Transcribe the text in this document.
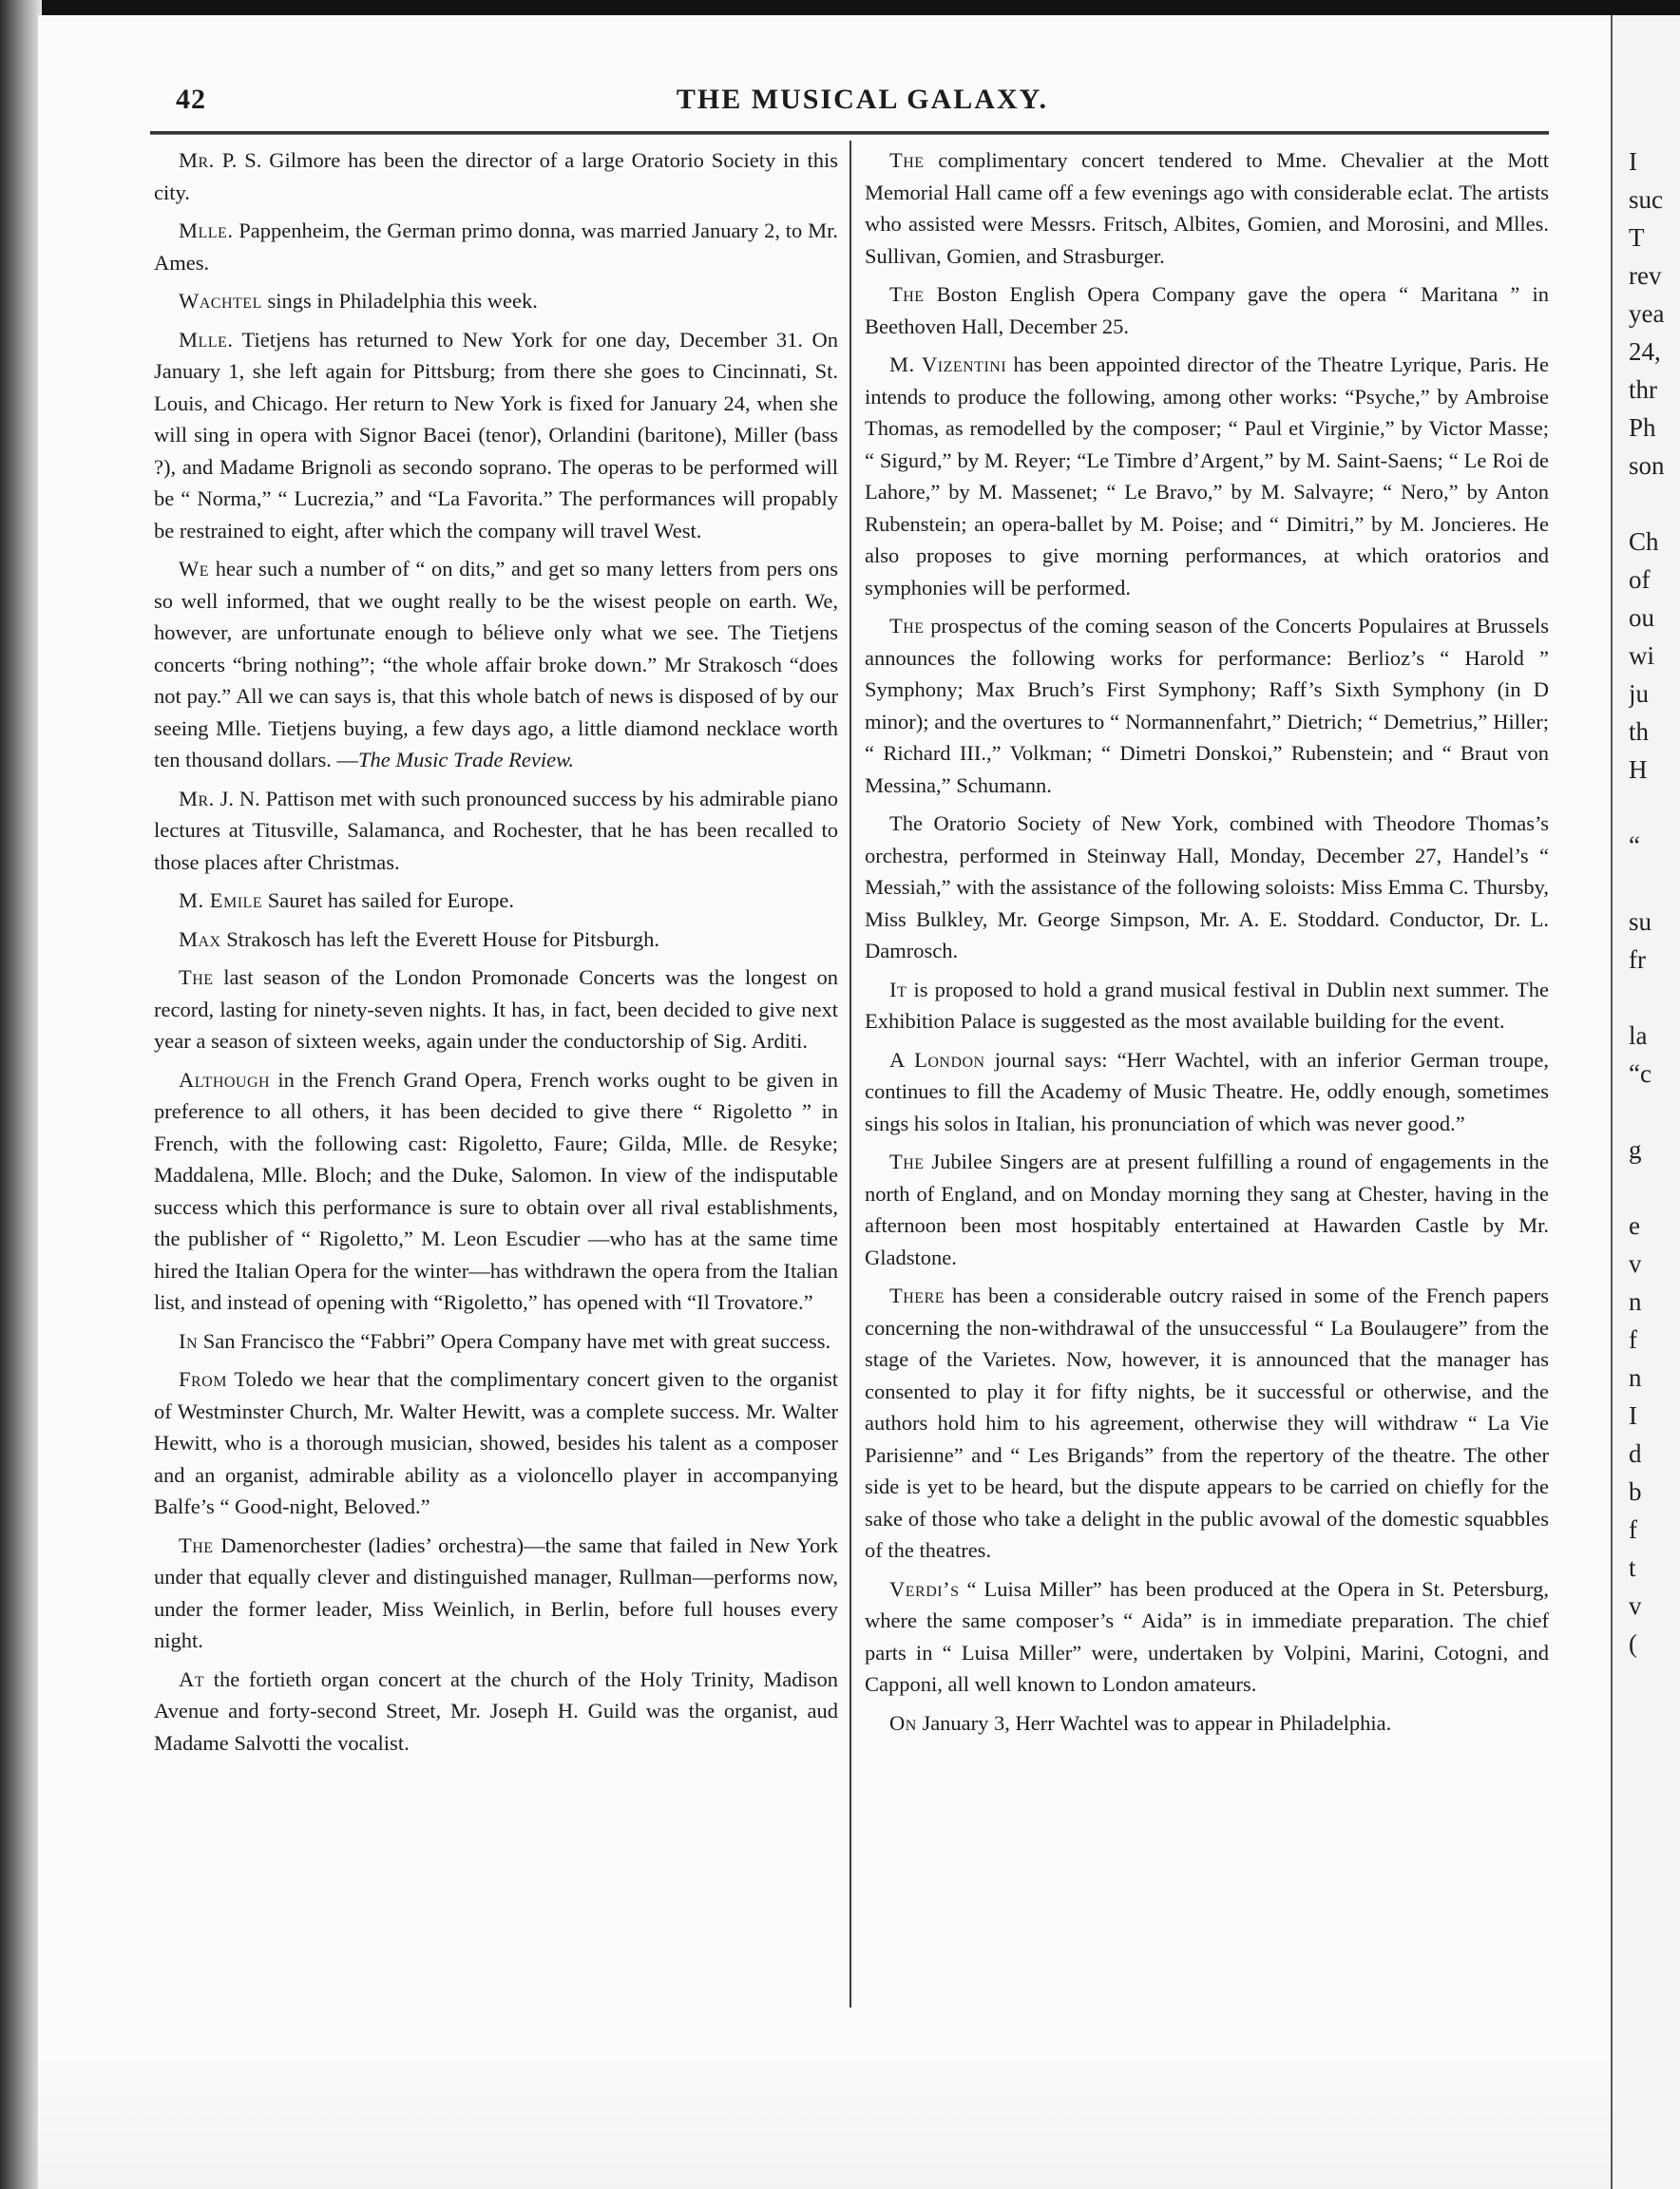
42	THE MUSICAL GALAXY.

Mr. P. S. Gilmore has been the director of a large Oratorio Society in this city.

Mlle. Pappenheim, the German primo donna, was married January 2, to Mr. Ames.

Wachtel sings in Philadelphia this week.

Mlle. Tietjens has returned to New York for one day, December 31. On January 1, she left again for Pittsburg; from there she goes to Cincinnati, St. Louis, and Chicago. Her return to New York is fixed for January 24, when she will sing in opera with Signor Bacei (tenor), Orlandini (baritone), Miller (bass ?), and Madame Brignoli as secondo soprano. The operas to be performed will be “ Norma,” “ Lucrezia,” and “La Favorita.” The performances will propably be restrained to eight, after which the company will travel West.

We hear such a number of “ on dits,” and get so many letters from pers ons so well informed, that we ought really to be the wisest people on earth. We, however, are unfortunate enough to bélieve only what we see. The Tietjens concerts “bring nothing”; “the whole affair broke down.” Mr Strakosch “does not pay.” All we can says is, that this whole batch of news is disposed of by our seeing Mlle. Tietjens buying, a few days ago, a little diamond necklace worth ten thousand dollars. —The Music Trade Review.

Mr. J. N. Pattison met with such pronounced success by his admirable piano lectures at Titusville, Salamanca, and Rochester, that he has been recalled to those places after Christmas.

M. Emile Sauret has sailed for Europe.

Max Strakosch has left the Everett House for Pitsburgh.

The last season of the London Promonade Concerts was the longest on record, lasting for ninety-seven nights. It has, in fact, been decided to give next year a season of sixteen weeks, again under the conductorship of Sig. Arditi.

Although in the French Grand Opera, French works ought to be given in preference to all others, it has been decided to give there “ Rigoletto ” in French, with the following cast: Rigoletto, Faure; Gilda, Mlle. de Resyke; Maddalena, Mlle. Bloch; and the Duke, Salomon. In view of the indisputable success which this performance is sure to obtain over all rival establishments, the publisher of “ Rigoletto,” M. Leon Escudier —who has at the same time hired the Italian Opera for the winter—has withdrawn the opera from the Italian list, and instead of opening with “Rigoletto,” has opened with “Il Trovatore.”

In San Francisco the “Fabbri” Opera Company have met with great success.

From Toledo we hear that the complimentary concert given to the organist of Westminster Church, Mr. Walter Hewitt, was a complete success. Mr. Walter Hewitt, who is a thorough musician, showed, besides his talent as a composer and an organist, admirable ability as a violoncello player in accompanying Balfe’s “ Good-night, Beloved.”

The Damenorchester (ladies’ orchestra)—the same that failed in New York under that equally clever and distinguished manager, Rullman—performs now, under the former leader, Miss Weinlich, in Berlin, before full houses every night.

At the fortieth organ concert at the church of the Holy Trinity, Madison Avenue and forty-second Street, Mr. Joseph H. Guild was the organist, aud Madame Salvotti the vocalist.

The complimentary concert tendered to Mme. Chevalier at the Mott Memorial Hall came off a few evenings ago with considerable eclat. The artists who assisted were Messrs. Fritsch, Albites, Gomien, and Morosini, and Mlles. Sullivan, Gomien, and Strasburger.

The Boston English Opera Company gave the opera “ Maritana ” in Beethoven Hall, December 25.

M. Vizentini has been appointed director of the Theatre Lyrique, Paris. He intends to produce the following, among other works: “Psyche,” by Ambroise Thomas, as remodelled by the composer; “ Paul et Virginie,” by Victor Masse; “ Sigurd,” by M. Reyer; “Le Timbre d’Argent,” by M. Saint-Saens; “ Le Roi de Lahore,” by M. Massenet; “ Le Bravo,” by M. Salvayre; “ Nero,” by Anton Rubenstein; an opera-ballet by M. Poise; and “ Dimitri,” by M. Joncieres. He also proposes to give morning performances, at which oratorios and symphonies will be performed.

The prospectus of the coming season of the Concerts Populaires at Brussels announces the following works for performance: Berlioz’s “ Harold ” Symphony; Max Bruch’s First Symphony; Raff’s Sixth Symphony (in D minor); and the overtures to “ Normannenfahrt,” Dietrich; “ Demetrius,” Hiller; “ Richard III.,” Volkman; “ Dimetri Donskoi,” Rubenstein; and “ Braut von Messina,” Schumann.

The Oratorio Society of New York, combined with Theodore Thomas’s orchestra, performed in Steinway Hall, Monday, December 27, Handel’s “ Messiah,” with the assistance of the following soloists: Miss Emma C. Thursby, Miss Bulkley, Mr. George Simpson, Mr. A. E. Stoddard. Conductor, Dr. L. Damrosch.

It is proposed to hold a grand musical festival in Dublin next summer. The Exhibition Palace is suggested as the most available building for the event.

A London journal says: “Herr Wachtel, with an inferior German troupe, continues to fill the Academy of Music Theatre. He, oddly enough, sometimes sings his solos in Italian, his pronunciation of which was never good.”

The Jubilee Singers are at present fulfilling a round of engagements in the north of England, and on Monday morning they sang at Chester, having in the afternoon been most hospitably entertained at Hawarden Castle by Mr. Gladstone.

There has been a considerable outcry raised in some of the French papers concerning the non-withdrawal of the unsuccessful “ La Boulaugere” from the stage of the Varietes. Now, however, it is announced that the manager has consented to play it for fifty nights, be it successful or otherwise, and the authors hold him to his agreement, otherwise they will withdraw “ La Vie Parisienne” and “ Les Brigands” from the repertory of the theatre. The other side is yet to be heard, but the dispute appears to be carried on chiefly for the sake of those who take a delight in the public avowal of the domestic squabbles of the theatres.

Verdi’s “ Luisa Miller” has been produced at the Opera in St. Petersburg, where the same composer’s “ Aida” is in immediate preparation. The chief parts in “ Luisa Miller” were, undertaken by Volpini, Marini, Cotogni, and Capponi, all well known to London amateurs.

On January 3, Herr Wachtel was to appear in Philadelphia.

I
suc
T
rev
yea
24,
thr
Ph
son
Ch
of
ou
wi
ju
th
H
“
su
fr
la
“c
g
e
v
n
f
n
I
d
b
f
t
v
(
